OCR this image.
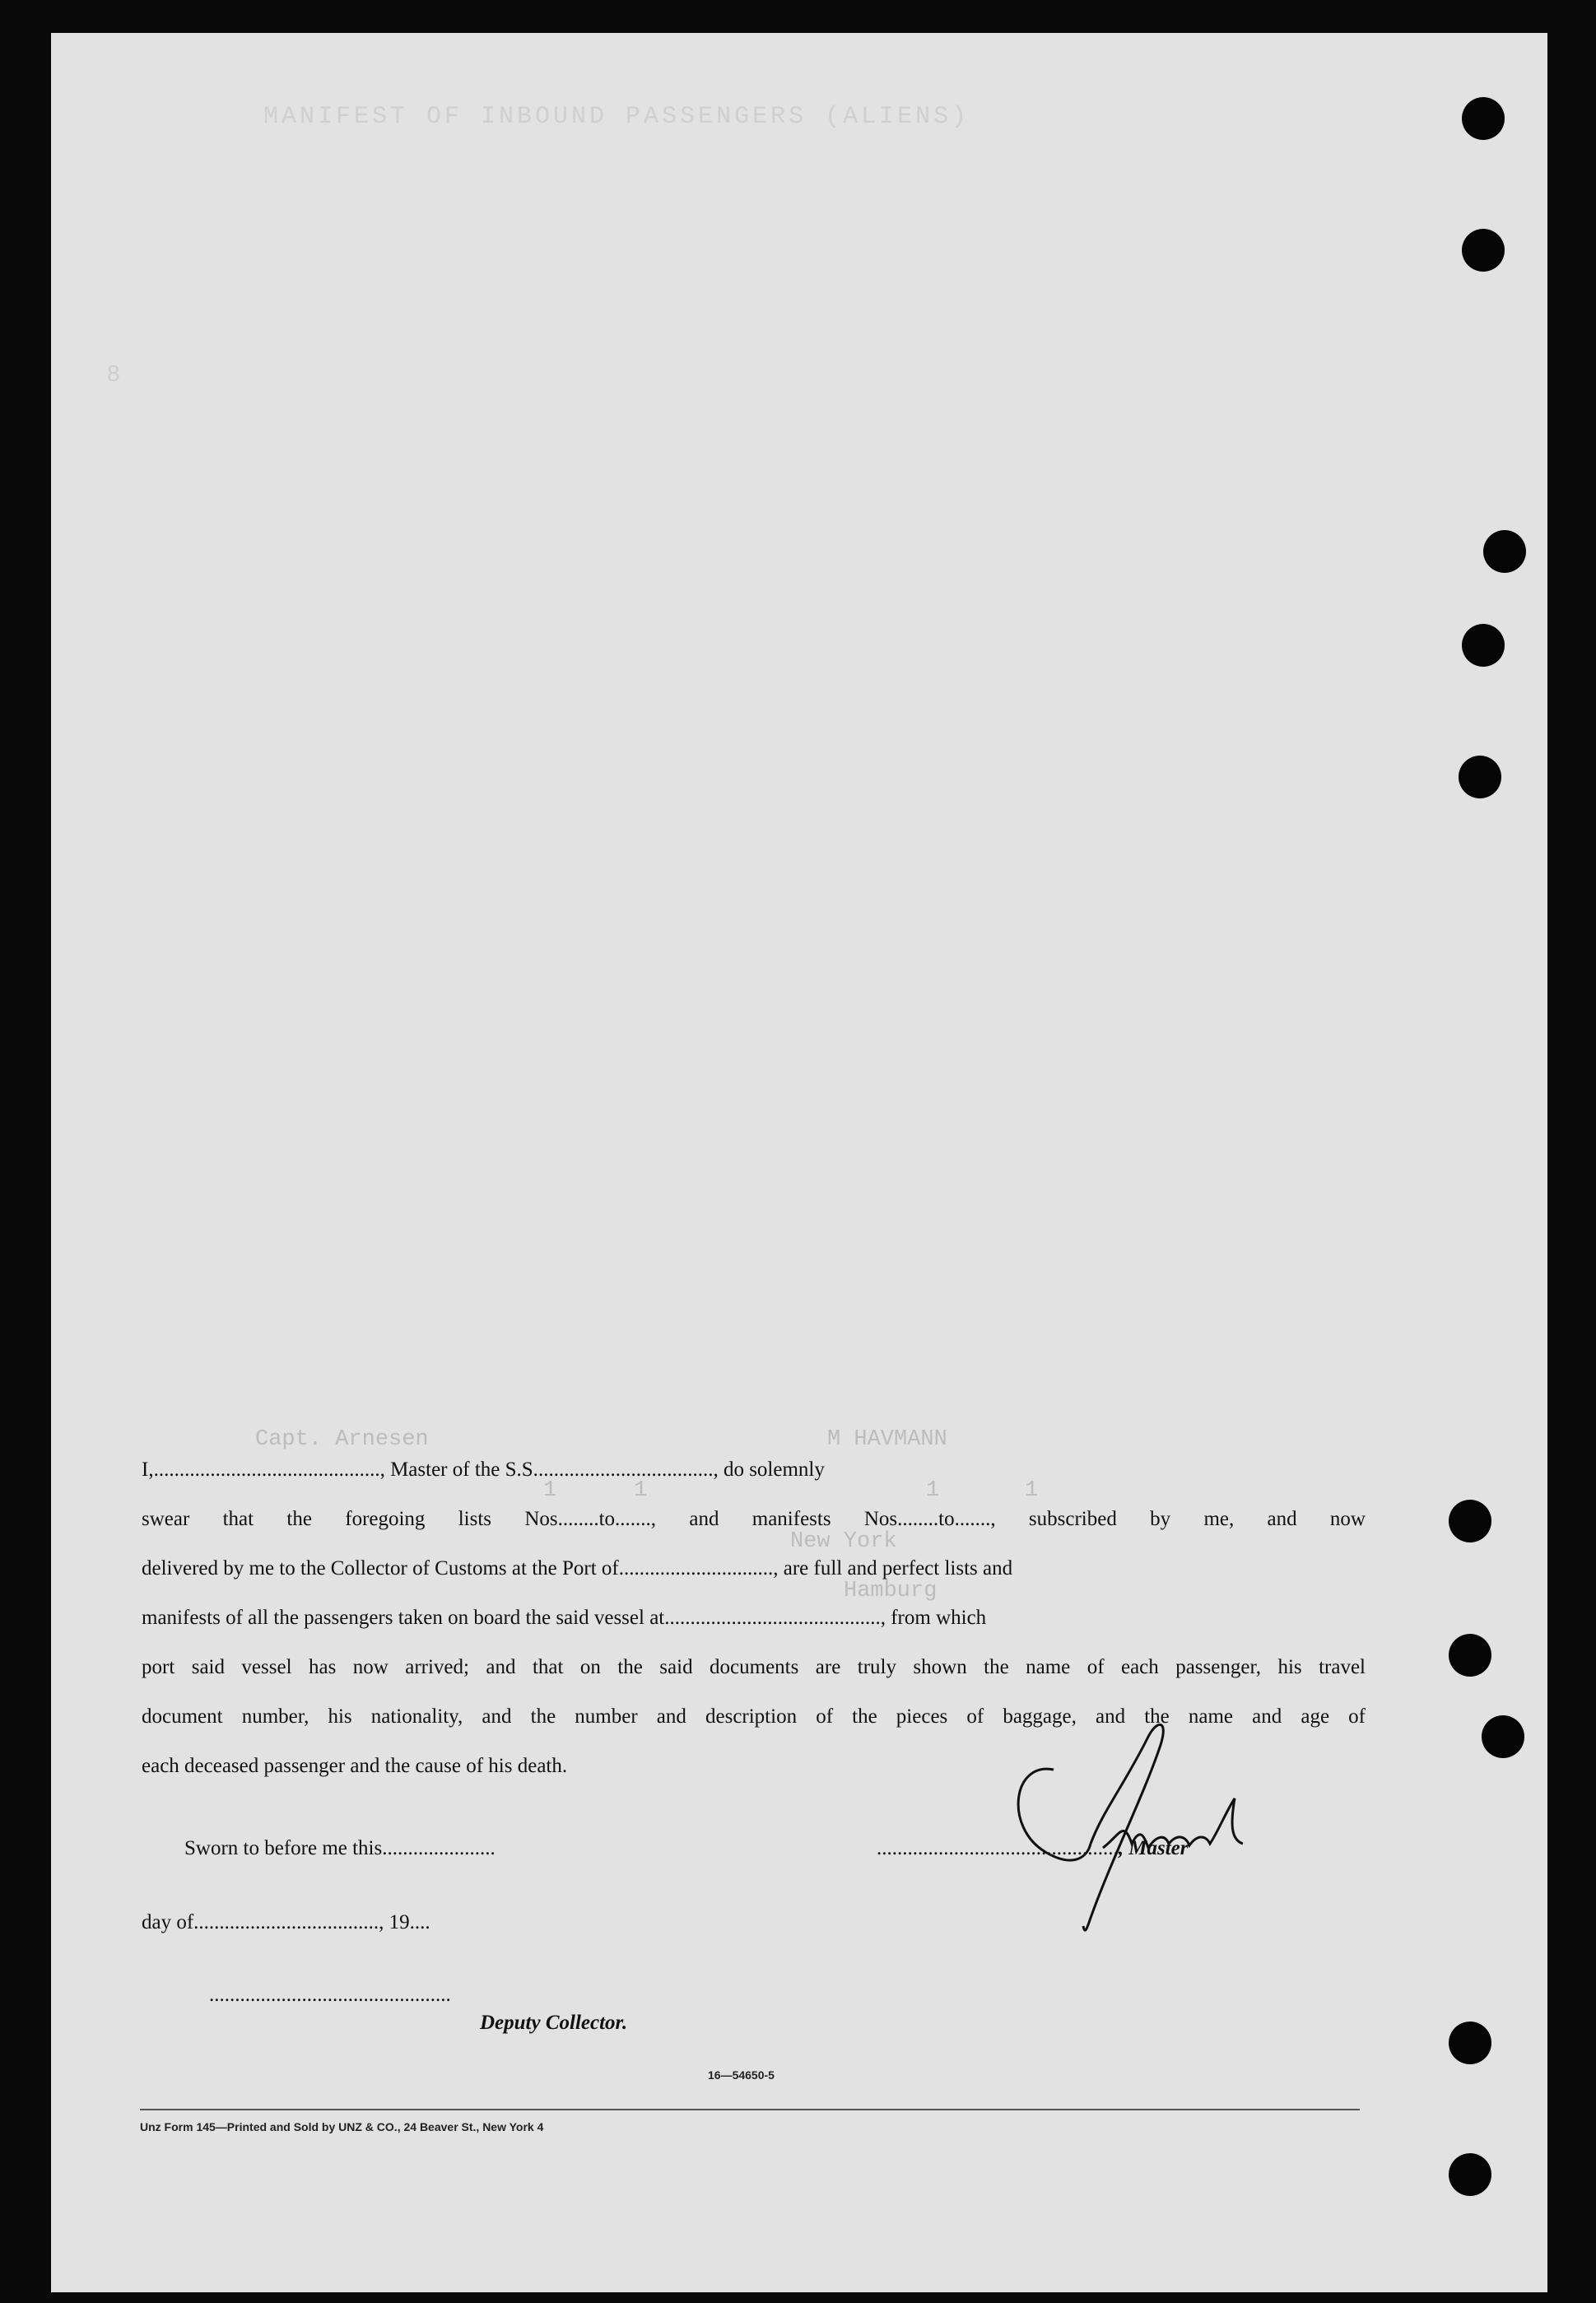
MANIFEST OF INBOUND PASSENGERS (ALIENS)
8
Capt. Arnesen	M HAVMANN
1	1	1	1
New York
Hamburg
I,............................................, Master of the S.S..................................., do solemnly
swear that the foregoing lists Nos........to......., and manifests Nos........to......., subscribed by me, and now
delivered by me to the Collector of Customs at the Port of.............................., are full and perfect lists and
manifests of all the passengers taken on board the said vessel at.........................................., from which
port said vessel has now arrived; and that on the said documents are truly shown the name of each passenger, his travel
document number, his nationality, and the number and description of the pieces of baggage, and the name and age of
each deceased passenger and the cause of his death.
Sworn to before me this......................	..............................................., Master
day of...................................., 19....
...............................................
Deputy Collector.
16—54650-5
Unz Form 145—Printed and Sold by UNZ & CO., 24 Beaver St., New York 4
